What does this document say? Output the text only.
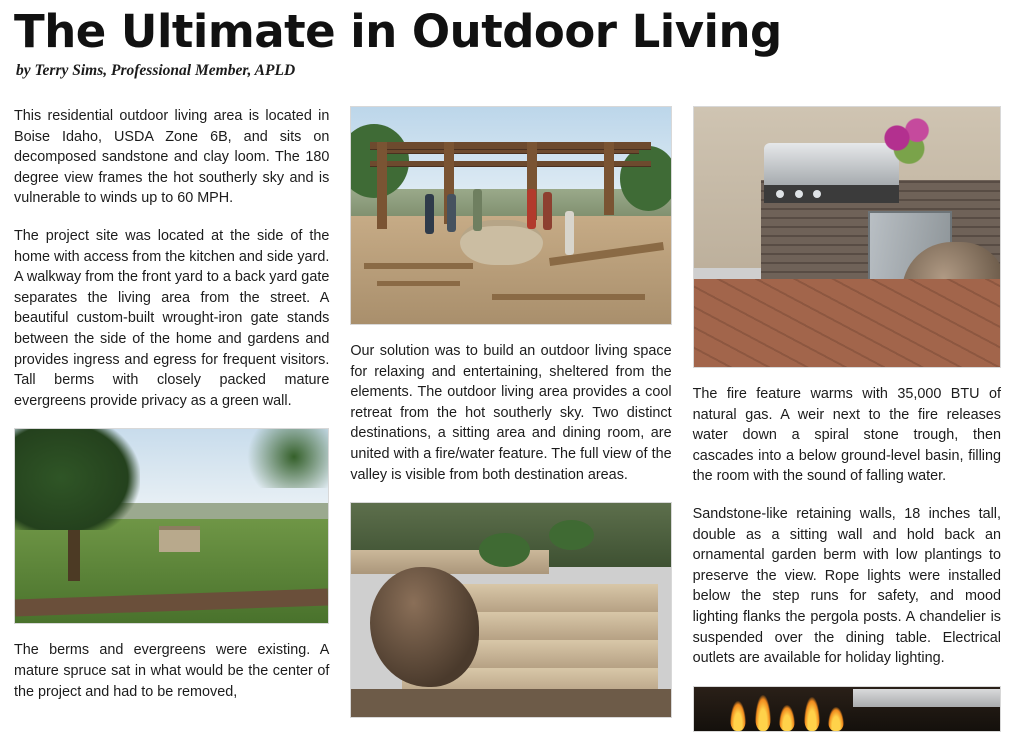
The Ultimate in Outdoor Living
by Terry Sims, Professional Member, APLD

This residential outdoor living area is located in Boise Idaho, USDA Zone 6B, and sits on decomposed sandstone and clay loom. The 180 degree view frames the hot southerly sky and is vulnerable to winds up to 60 MPH.

The project site was located at the side of the home with access from the kitchen and side yard. A walkway from the front yard to a back yard gate separates the living area from the street. A beautiful custom-built wrought-iron gate stands between the side of the home and gardens and provides ingress and egress for frequent visitors. Tall berms with closely packed mature evergreens provide privacy as a green wall.

The berms and evergreens were existing. A mature spruce sat in what would be the center of the project and had to be removed,

Our solution was to build an outdoor living space for relaxing and entertaining, sheltered from the elements. The outdoor living area provides a cool retreat from the hot southerly sky. Two distinct destinations, a sitting area and dining room, are united with a fire/water feature. The full view of the valley is visible from both destination areas.

The fire feature warms with 35,000 BTU of natural gas. A weir next to the fire releases water down a spiral stone trough, then cascades into a below ground-level basin, filling the room with the sound of falling water.

Sandstone-like retaining walls, 18 inches tall, double as a sitting wall and hold back an ornamental garden berm with low plantings to preserve the view. Rope lights were installed below the step runs for safety, and mood lighting flanks the pergola posts. A chandelier is suspended over the dining table. Electrical outlets are available for holiday lighting.
